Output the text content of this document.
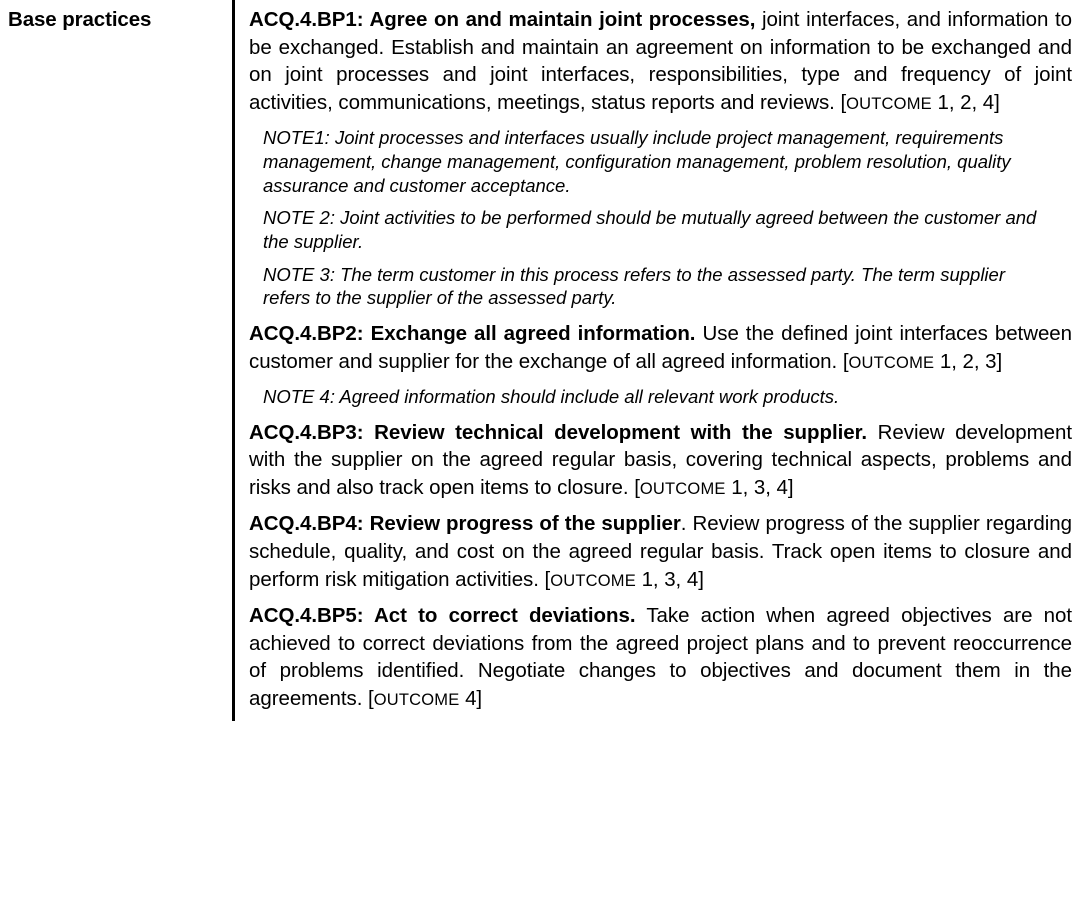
Base practices	ACQ.4.BP1: Agree on and maintain joint processes, joint interfaces, and information to be exchanged. Establish and maintain an agreement on information to be exchanged and on joint processes and joint interfaces, responsibilities, type and frequency of joint activities, communications, meetings, status reports and reviews. [OUTCOME 1, 2, 4]

NOTE1: Joint processes and interfaces usually include project management, requirements management, change management, configuration management, problem resolution, quality assurance and customer acceptance.

NOTE 2: Joint activities to be performed should be mutually agreed between the customer and the supplier.

NOTE 3: The term customer in this process refers to the assessed party. The term supplier refers to the supplier of the assessed party.

ACQ.4.BP2: Exchange all agreed information. Use the defined joint interfaces between customer and supplier for the exchange of all agreed information. [OUTCOME 1, 2, 3]

NOTE 4: Agreed information should include all relevant work products.

ACQ.4.BP3: Review technical development with the supplier. Review development with the supplier on the agreed regular basis, covering technical aspects, problems and risks and also track open items to closure. [OUTCOME 1, 3, 4]

ACQ.4.BP4: Review progress of the supplier. Review progress of the supplier regarding schedule, quality, and cost on the agreed regular basis. Track open items to closure and perform risk mitigation activities. [OUTCOME 1, 3, 4]

ACQ.4.BP5: Act to correct deviations. Take action when agreed objectives are not achieved to correct deviations from the agreed project plans and to prevent reoccurrence of problems identified. Negotiate changes to objectives and document them in the agreements. [OUTCOME 4]
